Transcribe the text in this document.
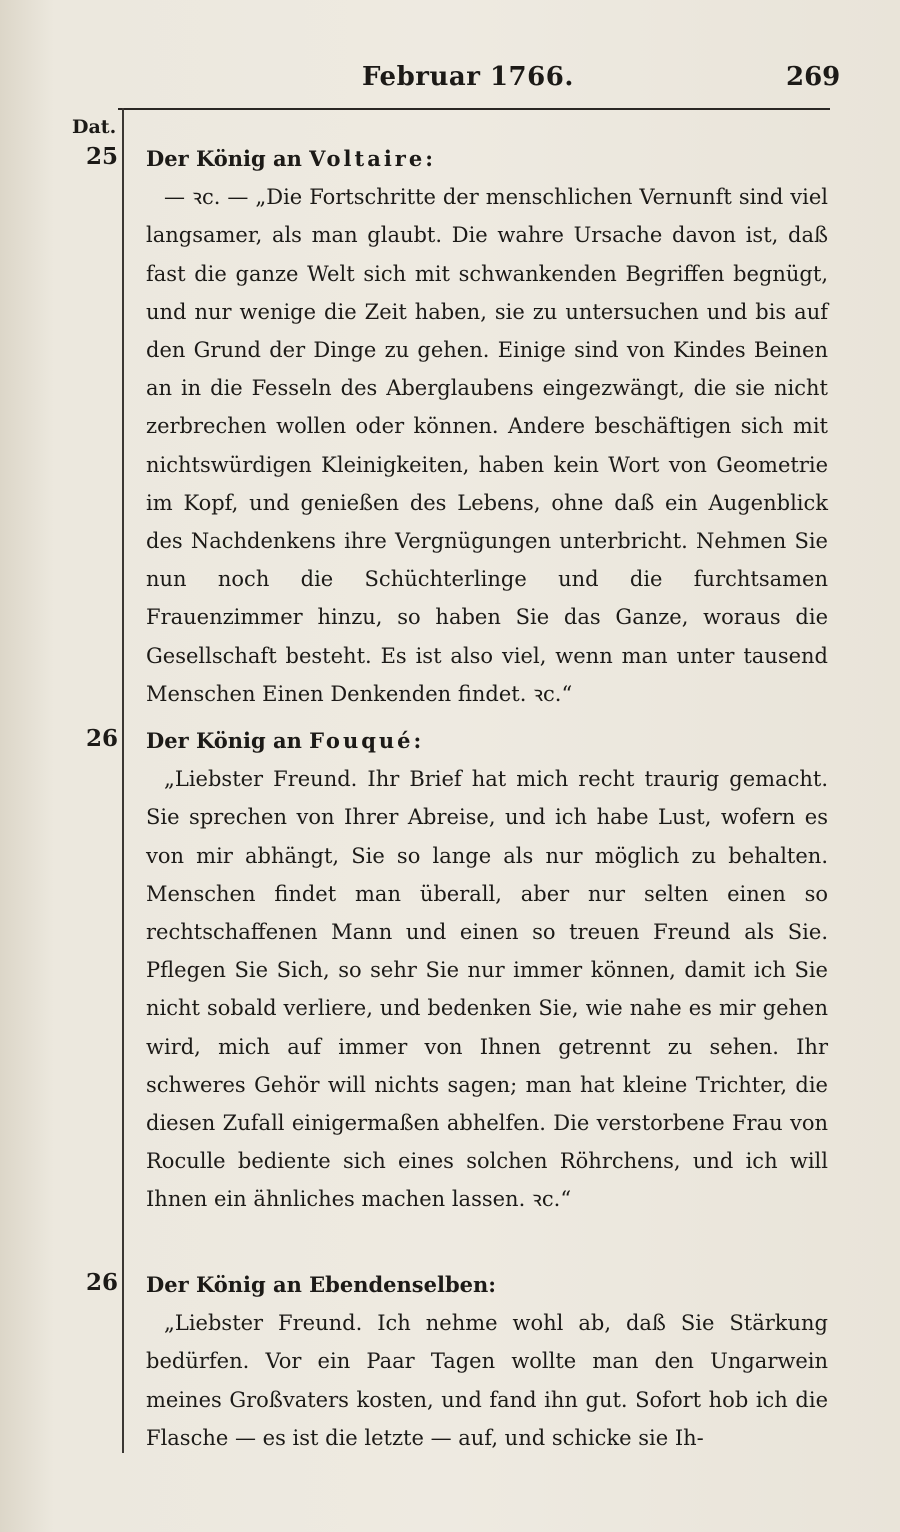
Februar 1766.	269
Dat.
25	Der König an Voltaire:

— ꝛc. — „Die Fortschritte der menschlichen Vernunft sind viel langsamer, als man glaubt. Die wahre Ursache davon ist, daß fast die ganze Welt sich mit schwankenden Begriffen begnügt, und nur wenige die Zeit haben, sie zu untersuchen und bis auf den Grund der Dinge zu gehen. Einige sind von Kindes Beinen an in die Fesseln des Aberglaubens eingezwängt, die sie nicht zerbrechen wollen oder können. Andere beschäftigen sich mit nichtswürdigen Kleinigkeiten, haben kein Wort von Geometrie im Kopf, und genießen des Lebens, ohne daß ein Augenblick des Nachdenkens ihre Vergnügungen unterbricht. Nehmen Sie nun noch die Schüchterlinge und die furchtsamen Frauenzimmer hinzu, so haben Sie das Ganze, woraus die Gesellschaft besteht. Es ist also viel, wenn man unter tausend Menschen Einen Denkenden findet. ꝛc.“

26 Der König an Fouqué:

„Liebster Freund. Ihr Brief hat mich recht traurig gemacht. Sie sprechen von Ihrer Abreise, und ich habe Lust, wofern es von mir abhängt, Sie so lange als nur möglich zu behalten. Menschen findet man überall, aber nur selten einen so rechtschaffenen Mann und einen so treuen Freund als Sie. Pflegen Sie Sich, so sehr Sie nur immer können, damit ich Sie nicht sobald verliere, und bedenken Sie, wie nahe es mir gehen wird, mich auf immer von Ihnen getrennt zu sehen. Ihr schweres Gehör will nichts sagen; man hat kleine Trichter, die diesen Zufall einigermaßen abhelfen. Die verstorbene Frau von Roculle bediente sich eines solchen Röhrchens, und ich will Ihnen ein ähnliches machen lassen. ꝛc.“

26 Der König an Ebendenselben:

„Liebster Freund. Ich nehme wohl ab, daß Sie Stärkung bedürfen. Vor ein Paar Tagen wollte man den Ungarwein meines Großvaters kosten, und fand ihn gut. Sofort hob ich die Flasche — es ist die letzte — auf, und schicke sie Ih-
